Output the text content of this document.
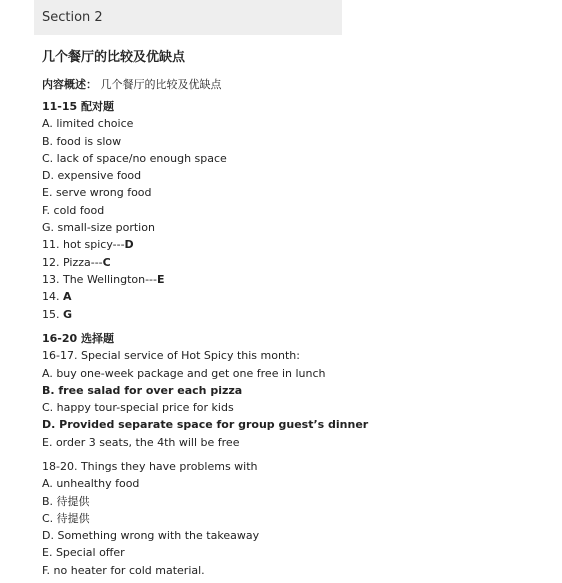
Section 2
几个餐厅的比较及优缺点
内容概述： 几个餐厅的比较及优缺点
11-15 配对题
A. limited choice
B. food is slow
C. lack of space/no enough space
D. expensive food
E. serve wrong food
F. cold food
G. small-size portion
11. hot spicy---D
12. Pizza---C
13. The Wellington---E
14. A
15. G
16-20 选择题
16-17. Special service of Hot Spicy this month:
A. buy one-week package and get one free in lunch
B. free salad for over each pizza
C. happy tour-special price for kids
D. Provided separate space for group guest’s dinner
E. order 3 seats, the 4th will be free
18-20. Things they have problems with
A. unhealthy food
B. 待提供
C. 待提供
D. Something wrong with the takeaway
E. Special offer
F. no heater for cold material.
